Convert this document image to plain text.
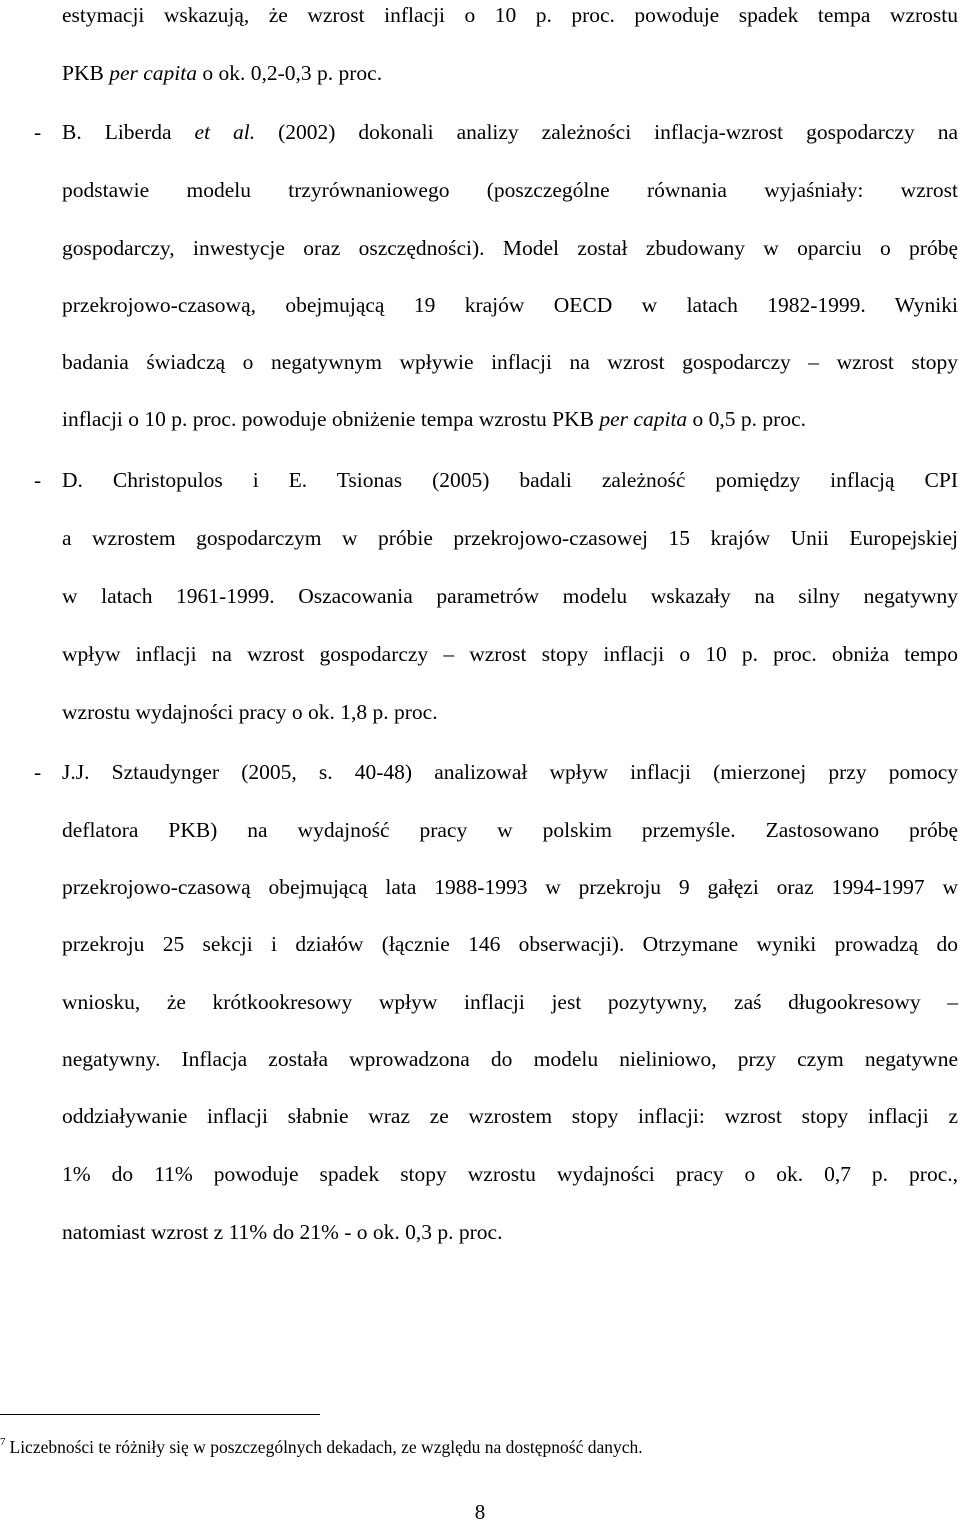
estymacji wskazują, że wzrost inflacji o 10 p. proc. powoduje spadek tempa wzrostu
PKB per capita o ok. 0,2-0,3 p. proc.
- B. Liberda et al. (2002) dokonali analizy zależności inflacja-wzrost gospodarczy na
podstawie modelu trzyrównaniowego (poszczególne równania wyjaśniały: wzrost
gospodarczy, inwestycje oraz oszczędności). Model został zbudowany w oparciu o próbę
przekrojowo-czasową, obejmującą 19 krajów OECD w latach 1982-1999. Wyniki
badania świadczą o negatywnym wpływie inflacji na wzrost gospodarczy – wzrost stopy
inflacji o 10 p. proc. powoduje obniżenie tempa wzrostu PKB per capita o 0,5 p. proc.
- D. Christopulos i E. Tsionas (2005) badali zależność pomiędzy inflacją CPI
a wzrostem gospodarczym w próbie przekrojowo-czasowej 15 krajów Unii Europejskiej
w latach 1961-1999. Oszacowania parametrów modelu wskazały na silny negatywny
wpływ inflacji na wzrost gospodarczy – wzrost stopy inflacji o 10 p. proc. obniża tempo
wzrostu wydajności pracy o ok. 1,8 p. proc.
- J.J. Sztaudynger (2005, s. 40-48) analizował wpływ inflacji (mierzonej przy pomocy
deflatora PKB) na wydajność pracy w polskim przemyśle. Zastosowano próbę
przekrojowo-czasową obejmującą lata 1988-1993 w przekroju 9 gałęzi oraz 1994-1997 w
przekroju 25 sekcji i działów (łącznie 146 obserwacji). Otrzymane wyniki prowadzą do
wniosku, że krótkookresowy wpływ inflacji jest pozytywny, zaś długookresowy –
negatywny. Inflacja została wprowadzona do modelu nieliniowo, przy czym negatywne
oddziaływanie inflacji słabnie wraz ze wzrostem stopy inflacji: wzrost stopy inflacji z
1% do 11% powoduje spadek stopy wzrostu wydajności pracy o ok. 0,7 p. proc.,
natomiast wzrost z 11% do 21% - o ok. 0,3 p. proc.
$^7$ Liczebności te różniły się w poszczególnych dekadach, ze względu na dostępność danych.
8
